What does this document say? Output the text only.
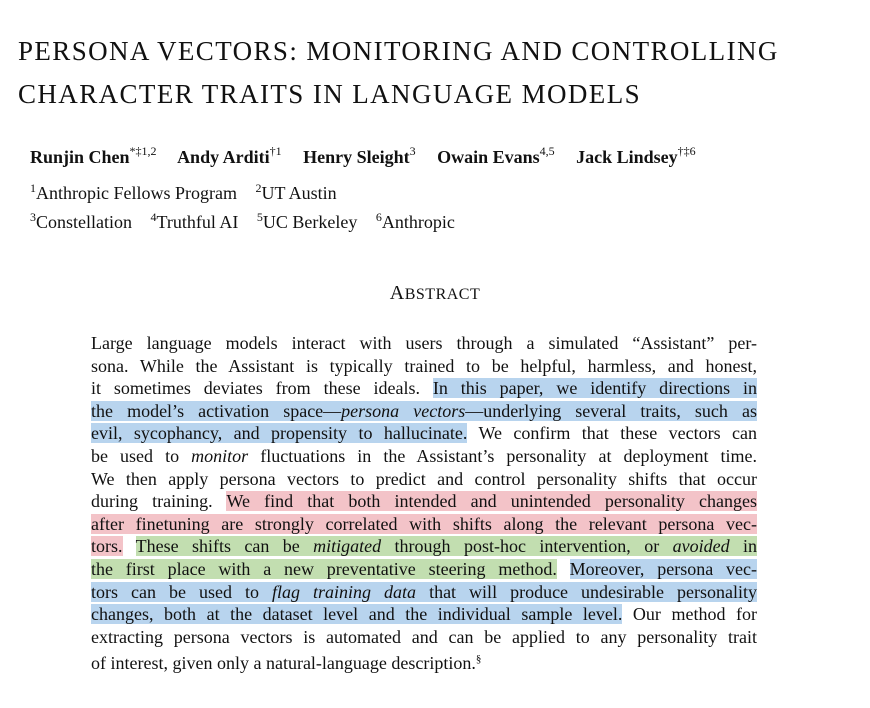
PERSONA VECTORS: MONITORING AND CONTROLLING
CHARACTER TRAITS IN LANGUAGE MODELS
Runjin Chen$^{*\ddagger 1,2}$ Andy Arditi$^{\dagger 1}$ Henry Sleight$^3$ Owain Evans$^{4,5}$ Jack Lindsey$^{\dagger\ddagger 6}$
$^1$Anthropic Fellows Program $^2$UT Austin
$^3$Constellation $^4$Truthful AI $^5$UC Berkeley $^6$Anthropic
ABSTRACT
Large language models interact with users through a simulated “Assistant” per-
sona. While the Assistant is typically trained to be helpful, harmless, and honest,
it sometimes deviates from these ideals. In this paper, we identify directions in
the model’s activation space—persona vectors—underlying several traits, such as
evil, sycophancy, and propensity to hallucinate. We confirm that these vectors can
be used to monitor fluctuations in the Assistant’s personality at deployment time.
We then apply persona vectors to predict and control personality shifts that occur
during training. We find that both intended and unintended personality changes
after finetuning are strongly correlated with shifts along the relevant persona vec-
tors. These shifts can be mitigated through post-hoc intervention, or avoided in
the first place with a new preventative steering method. Moreover, persona vec-
tors can be used to flag training data that will produce undesirable personality
changes, both at the dataset level and the individual sample level. Our method for
extracting persona vectors is automated and can be applied to any personality trait
of interest, given only a natural-language description.§
